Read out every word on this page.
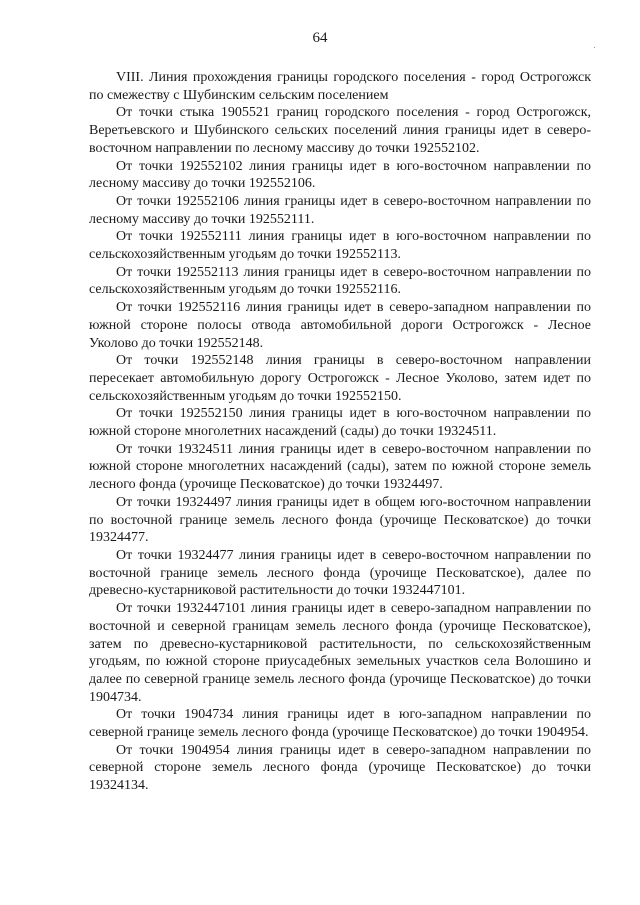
64

VIII. Линия прохождения границы городского поселения - город Острогожск по смежеству с Шубинским сельским поселением

От точки стыка 1905521 границ городского поселения - город Острогожск, Веретьевского и Шубинского сельских поселений линия границы идет в северо-восточном направлении по лесному массиву до точки 192552102.

От точки 192552102 линия границы идет в юго-восточном направлении по лесному массиву до точки 192552106.

От точки 192552106 линия границы идет в северо-восточном направлении по лесному массиву до точки 192552111.

От точки 192552111 линия границы идет в юго-восточном направлении по сельскохозяйственным угодьям до точки 192552113.

От точки 192552113 линия границы идет в северо-восточном направлении по сельскохозяйственным угодьям до точки 192552116.

От точки 192552116 линия границы идет в северо-западном направлении по южной стороне полосы отвода автомобильной дороги Острогожск - Лесное Уколово до точки 192552148.

От точки 192552148 линия границы в северо-восточном направлении пересекает автомобильную дорогу Острогожск - Лесное Уколово, затем идет по сельскохозяйственным угодьям до точки 192552150.

От точки 192552150 линия границы идет в юго-восточном направлении по южной стороне многолетних насаждений (сады) до точки 19324511.

От точки 19324511 линия границы идет в северо-восточном направлении по южной стороне многолетних насаждений (сады), затем по южной стороне земель лесного фонда (урочище Песковатское) до точки 19324497.

От точки 19324497 линия границы идет в общем юго-восточном направлении по восточной границе земель лесного фонда (урочище Песковатское) до точки 19324477.

От точки 19324477 линия границы идет в северо-восточном направлении по восточной границе земель лесного фонда (урочище Песковатское), далее по древесно-кустарниковой растительности до точки 1932447101.

От точки 1932447101 линия границы идет в северо-западном направлении по восточной и северной границам земель лесного фонда (урочище Песковатское), затем по древесно-кустарниковой растительности, по сельскохозяйственным угодьям, по южной стороне приусадебных земельных участков села Волошино и далее по северной границе земель лесного фонда (урочище Песковатское) до точки 1904734.

От точки 1904734 линия границы идет в юго-западном направлении по северной границе земель лесного фонда (урочище Песковатское) до точки 1904954.

От точки 1904954 линия границы идет в северо-западном направлении по северной стороне земель лесного фонда (урочище Песковатское) до точки 19324134.
